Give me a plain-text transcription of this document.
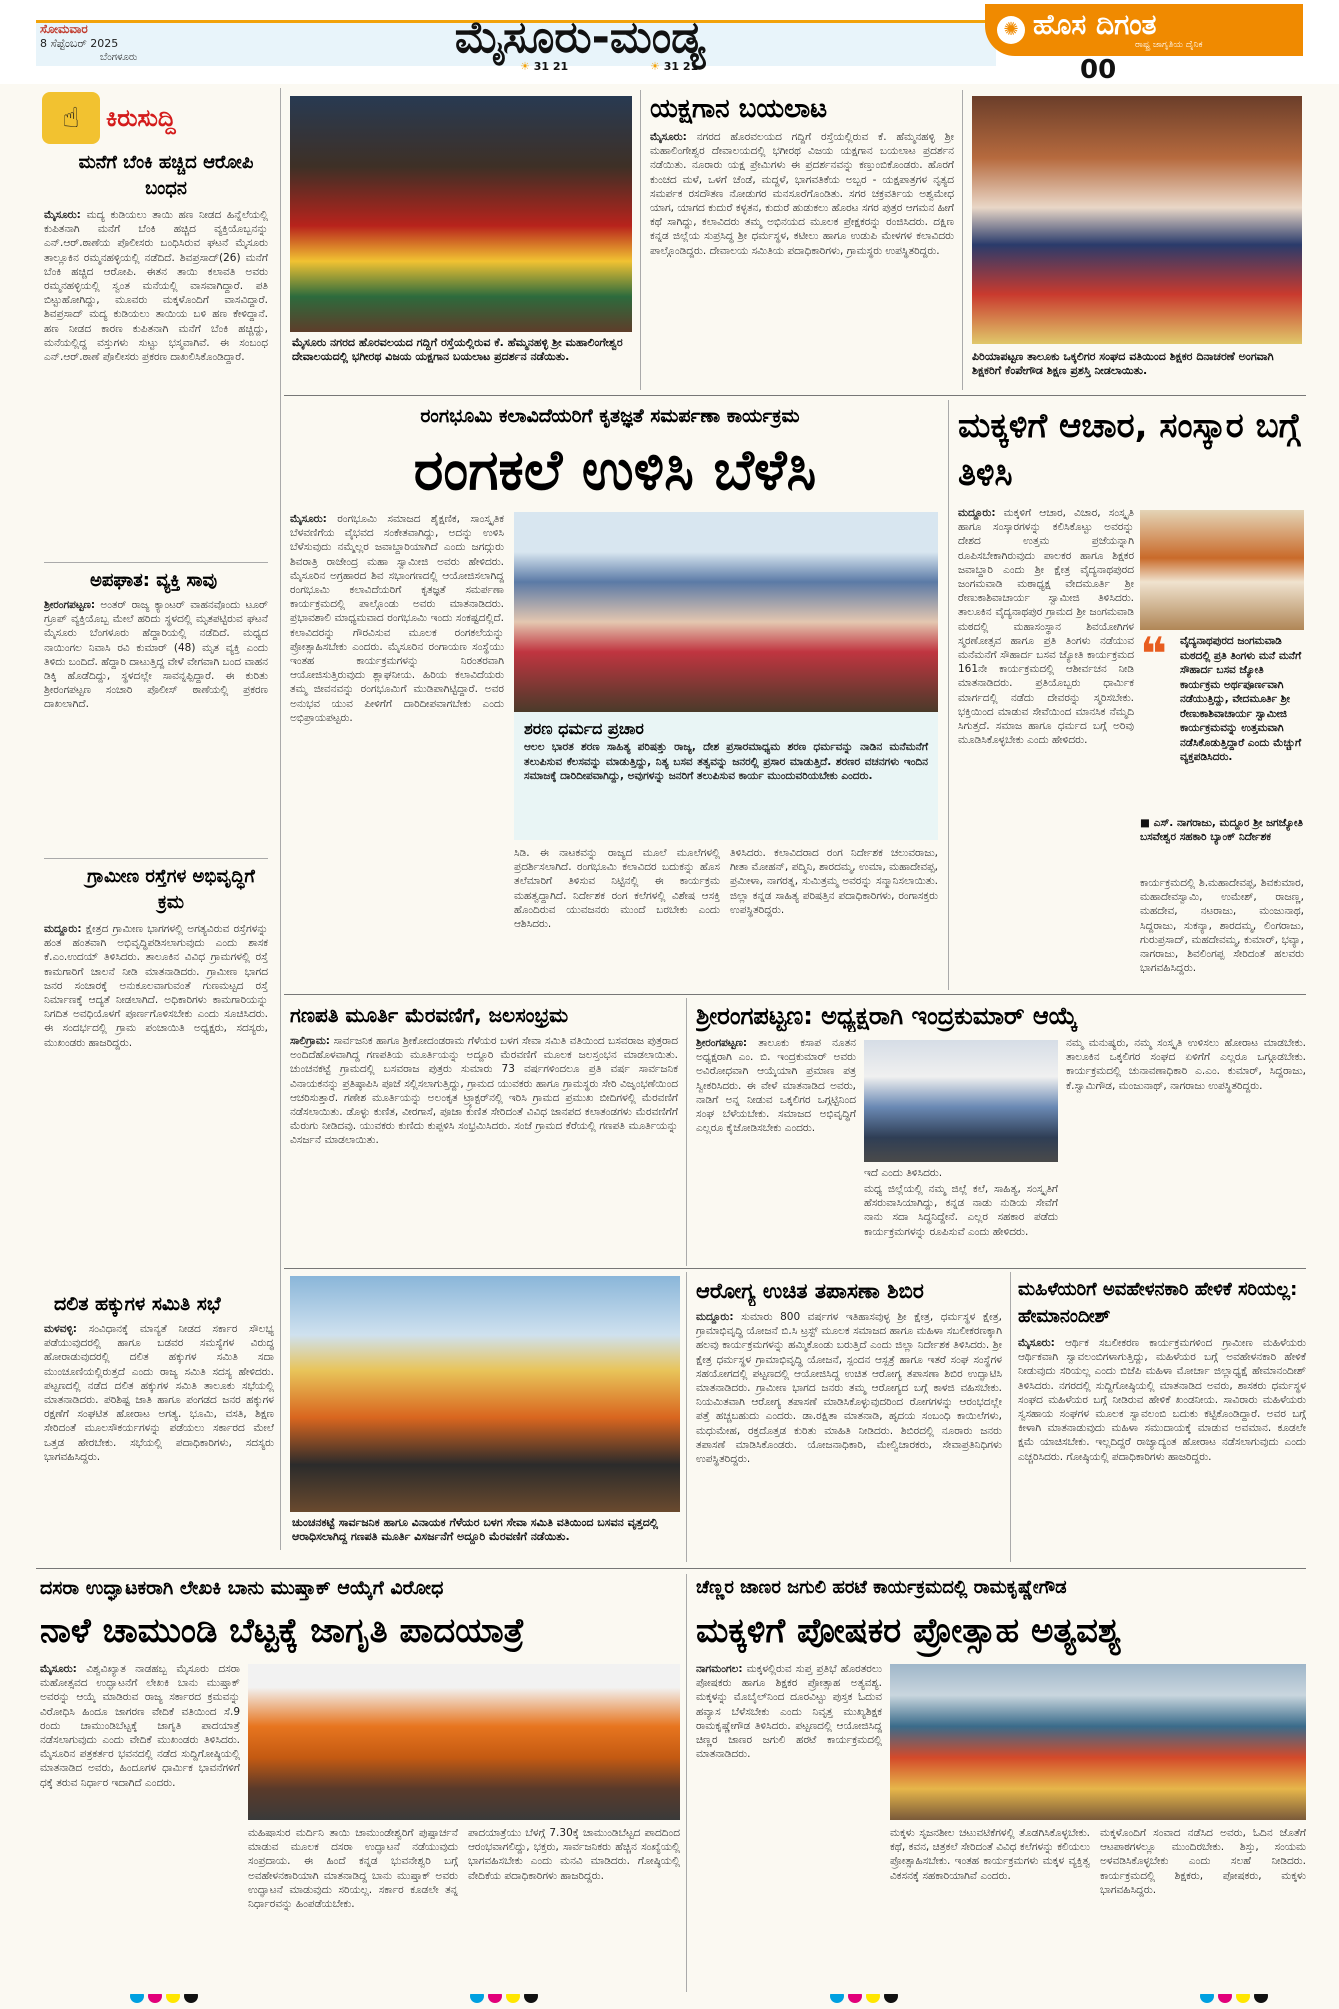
ಸೋಮವಾರ
8 ಸೆಪ್ಟೆಂಬರ್ 2025
ಬೆಂಗಳೂರು	ಮೈಸೂರು-ಮಂಡ್ಯ
☀ 31 21	☀ 31 21
✺ ಹೊಸ ದಿಗಂತ
ರಾಷ್ಟ್ರ ಜಾಗೃತಿಯ ದೈನಿಕ
00
☝	ಕಿರುಸುದ್ದಿ
ಮನೆಗೆ ಬೆಂಕಿ ಹಚ್ಚಿದ ಆರೋಪಿ ಬಂಧನ
ಮೈಸೂರು: ಮದ್ಯ ಕುಡಿಯಲು ತಾಯಿ ಹಣ ನೀಡದ ಹಿನ್ನೆಲೆಯಲ್ಲಿ ಕುಪಿತನಾಗಿ ಮನೆಗೆ ಬೆಂಕಿ ಹಚ್ಚಿದ ವ್ಯಕ್ತಿಯೊಬ್ಬನನ್ನು ಎನ್.ಆರ್.ಠಾಣೆಯ ಪೊಲೀಸರು ಬಂಧಿಸಿರುವ ಘಟನೆ ಮೈಸೂರು ತಾಲ್ಲೂಕಿನ ರಮ್ಮನಹಳ್ಳಿಯಲ್ಲಿ ನಡೆದಿದೆ. ಶಿವಪ್ರಸಾದ್(26) ಮನೆಗೆ ಬೆಂಕಿ ಹಚ್ಚಿದ ಆರೋಪಿ. ಈತನ ತಾಯಿ ಕಲಾವತಿ ಅವರು ರಮ್ಮನಹಳ್ಳಿಯಲ್ಲಿ ಸ್ವಂತ ಮನೆಯಲ್ಲಿ ವಾಸವಾಗಿದ್ದಾರೆ. ಪತಿ ಬಿಟ್ಟುಹೋಗಿದ್ದು, ಮೂವರು ಮಕ್ಕಳೊಂದಿಗೆ ವಾಸವಿದ್ದಾರೆ. ಶಿವಪ್ರಸಾದ್ ಮದ್ಯ ಕುಡಿಯಲು ತಾಯಿಯ ಬಳಿ ಹಣ ಕೇಳಿದ್ದಾನೆ. ಹಣ ನೀಡದ ಕಾರಣ ಕುಪಿತನಾಗಿ ಮನೆಗೆ ಬೆಂಕಿ ಹಚ್ಚಿದ್ದು, ಮನೆಯಲ್ಲಿದ್ದ ವಸ್ತುಗಳು ಸುಟ್ಟು ಭಸ್ಮವಾಗಿವೆ. ಈ ಸಂಬಂಧ ಎನ್.ಆರ್.ಠಾಣೆ ಪೊಲೀಸರು ಪ್ರಕರಣ ದಾಖಲಿಸಿಕೊಂಡಿದ್ದಾರೆ.
ಅಪಘಾತ: ವ್ಯಕ್ತಿ ಸಾವು
ಶ್ರೀರಂಗಪಟ್ಟಣ: ಅಂತರ್ ರಾಜ್ಯ ಕ್ಯಾಂಟರ್ ವಾಹನವೊಂದು ಟೂರ್ ಗ್ರೂಪ್ ವ್ಯಕ್ತಿಯೊಬ್ಬ ಮೇಲೆ ಹರಿದು ಸ್ಥಳದಲ್ಲಿ ಮೃತಪಟ್ಟಿರುವ ಘಟನೆ ಮೈಸೂರು ಬೆಂಗಳೂರು ಹೆದ್ದಾರಿಯಲ್ಲಿ ನಡೆದಿದೆ. ಮಧ್ಯದ ನಾಯಿಂಗಲ ನಿವಾಸಿ ರವಿ ಕುಮಾರ್ (48) ಮೃತ ವ್ಯಕ್ತಿ ಎಂದು ತಿಳಿದು ಬಂದಿದೆ. ಹೆದ್ದಾರಿ ದಾಟುತ್ತಿದ್ದ ವೇಳೆ ವೇಗವಾಗಿ ಬಂದ ವಾಹನ ಡಿಕ್ಕಿ ಹೊಡೆದಿದ್ದು, ಸ್ಥಳದಲ್ಲೇ ಸಾವನ್ನಪ್ಪಿದ್ದಾರೆ. ಈ ಕುರಿತು ಶ್ರೀರಂಗಪಟ್ಟಣ ಸಂಚಾರಿ ಪೊಲೀಸ್ ಠಾಣೆಯಲ್ಲಿ ಪ್ರಕರಣ ದಾಖಲಾಗಿದೆ.
ಗ್ರಾಮೀಣ ರಸ್ತೆಗಳ ಅಭಿವೃದ್ಧಿಗೆ ಕ್ರಮ
ಮದ್ದೂರು: ಕ್ಷೇತ್ರದ ಗ್ರಾಮೀಣ ಭಾಗಗಳಲ್ಲಿ ಅಗತ್ಯವಿರುವ ರಸ್ತೆಗಳನ್ನು ಹಂತ ಹಂತವಾಗಿ ಅಭಿವೃದ್ಧಿಪಡಿಸಲಾಗುವುದು ಎಂದು ಶಾಸಕ ಕೆ.ಎಂ.ಉದಯ್ ತಿಳಿಸಿದರು. ತಾಲೂಕಿನ ವಿವಿಧ ಗ್ರಾಮಗಳಲ್ಲಿ ರಸ್ತೆ ಕಾಮಗಾರಿಗೆ ಚಾಲನೆ ನೀಡಿ ಮಾತನಾಡಿದರು. ಗ್ರಾಮೀಣ ಭಾಗದ ಜನರ ಸಂಚಾರಕ್ಕೆ ಅನುಕೂಲವಾಗುವಂತೆ ಗುಣಮಟ್ಟದ ರಸ್ತೆ ನಿರ್ಮಾಣಕ್ಕೆ ಆದ್ಯತೆ ನೀಡಲಾಗಿದೆ. ಅಧಿಕಾರಿಗಳು ಕಾಮಗಾರಿಯನ್ನು ನಿಗದಿತ ಅವಧಿಯೊಳಗೆ ಪೂರ್ಣಗೊಳಿಸಬೇಕು ಎಂದು ಸೂಚಿಸಿದರು. ಈ ಸಂದರ್ಭದಲ್ಲಿ ಗ್ರಾಮ ಪಂಚಾಯಿತಿ ಅಧ್ಯಕ್ಷರು, ಸದಸ್ಯರು, ಮುಖಂಡರು ಹಾಜರಿದ್ದರು.
ಮೈಸೂರು ನಗರದ ಹೊರವಲಯದ ಗದ್ದಿಗೆ ರಸ್ತೆಯಲ್ಲಿರುವ ಕೆ. ಹೆಮ್ಮನಹಳ್ಳಿ ಶ್ರೀ ಮಹಾಲಿಂಗೇಶ್ವರ ದೇವಾಲಯದಲ್ಲಿ ಭಗೀರಥ ವಿಜಯ ಯಕ್ಷಗಾನ ಬಯಲಾಟ ಪ್ರದರ್ಶನ ನಡೆಯಿತು.
ಯಕ್ಷಗಾನ ಬಯಲಾಟ
ಮೈಸೂರು: ನಗರದ ಹೊರವಲಯದ ಗದ್ದಿಗೆ ರಸ್ತೆಯಲ್ಲಿರುವ ಕೆ. ಹೆಮ್ಮನಹಳ್ಳಿ ಶ್ರೀ ಮಹಾಲಿಂಗೇಶ್ವರ ದೇವಾಲಯದಲ್ಲಿ ಭಗೀರಥ ವಿಜಯ ಯಕ್ಷಗಾನ ಬಯಲಾಟ ಪ್ರದರ್ಶನ ನಡೆಯಿತು. ನೂರಾರು ಯಕ್ಷ ಪ್ರೇಮಿಗಳು ಈ ಪ್ರದರ್ಶನವನ್ನು ಕಣ್ತುಂಬಿಕೊಂಡರು. ಹೊರಗೆ ಕುಂಚದ ಮಳೆ, ಒಳಗೆ ಚೆಂಡೆ, ಮದ್ದಳೆ, ಭಾಗವತಿಕೆಯ ಅಬ್ಬರ - ಯಕ್ಷಪಾತ್ರಗಳ ನೃತ್ಯದ ಸಮರ್ಪಕ ರಸದೌತಣ ನೋಡುಗರ ಮನಸೂರೆಗೊಂಡಿತು. ಸಗರ ಚಕ್ರವರ್ತಿಯ ಅಶ್ವಮೇಧ ಯಾಗ, ಯಾಗದ ಕುದುರೆ ಕಳ್ಳತನ, ಕುದುರೆ ಹುಡುಕಲು ಹೊರಟ ಸಗರ ಪುತ್ರರ ಆಗಮನ ಹೀಗೆ ಕಥೆ ಸಾಗಿದ್ದು, ಕಲಾವಿದರು ತಮ್ಮ ಅಭಿನಯದ ಮೂಲಕ ಪ್ರೇಕ್ಷಕರನ್ನು ರಂಜಿಸಿದರು. ದಕ್ಷಿಣ ಕನ್ನಡ ಜಿಲ್ಲೆಯ ಸುಪ್ರಸಿದ್ಧ ಶ್ರೀ ಧರ್ಮಸ್ಥಳ, ಕಟೀಲು ಹಾಗೂ ಉಡುಪಿ ಮೇಳಗಳ ಕಲಾವಿದರು ಪಾಲ್ಗೊಂಡಿದ್ದರು. ದೇವಾಲಯ ಸಮಿತಿಯ ಪದಾಧಿಕಾರಿಗಳು, ಗ್ರಾಮಸ್ಥರು ಉಪಸ್ಥಿತರಿದ್ದರು.
ಪಿರಿಯಾಪಟ್ಟಣ ತಾಲೂಕು ಒಕ್ಕಲಿಗರ ಸಂಘದ ವತಿಯಿಂದ ಶಿಕ್ಷಕರ ದಿನಾಚರಣೆ ಅಂಗವಾಗಿ ಶಿಕ್ಷಕರಿಗೆ ಕೆಂಪೇಗೌಡ ಶಿಕ್ಷಣ ಪ್ರಶಸ್ತಿ ನೀಡಲಾಯಿತು.
ರಂಗಭೂಮಿ ಕಲಾವಿದೆಯರಿಗೆ ಕೃತಜ್ಞತೆ ಸಮರ್ಪಣಾ ಕಾರ್ಯಕ್ರಮ
ರಂಗಕಲೆ ಉಳಿಸಿ ಬೆಳೆಸಿ
ಮೈಸೂರು: ರಂಗಭೂಮಿ ಸಮಾಜದ ಶೈಕ್ಷಣಿಕ, ಸಾಂಸ್ಕೃತಿಕ ಬೆಳವಣಿಗೆಯ ವೈಭವದ ಸಂಕೇತವಾಗಿದ್ದು, ಅದನ್ನು ಉಳಿಸಿ ಬೆಳೆಸುವುದು ನಮ್ಮೆಲ್ಲರ ಜವಾಬ್ದಾರಿಯಾಗಿದೆ ಎಂದು ಜಗದ್ಗುರು ಶಿವರಾತ್ರಿ ರಾಜೇಂದ್ರ ಮಹಾ ಸ್ವಾಮೀಜಿ ಅವರು ಹೇಳಿದರು. ಮೈಸೂರಿನ ಅಗ್ರಹಾರದ ಶಿವ ಸಭಾಂಗಣದಲ್ಲಿ ಆಯೋಜಿಸಲಾಗಿದ್ದ ರಂಗಭೂಮಿ ಕಲಾವಿದೆಯರಿಗೆ ಕೃತಜ್ಞತೆ ಸಮರ್ಪಣಾ ಕಾರ್ಯಕ್ರಮದಲ್ಲಿ ಪಾಲ್ಗೊಂಡು ಅವರು ಮಾತನಾಡಿದರು. ಪ್ರಭಾವಶಾಲಿ ಮಾಧ್ಯಮವಾದ ರಂಗಭೂಮಿ ಇಂದು ಸಂಕಷ್ಟದಲ್ಲಿದೆ. ಕಲಾವಿದರನ್ನು ಗೌರವಿಸುವ ಮೂಲಕ ರಂಗಕಲೆಯನ್ನು ಪ್ರೋತ್ಸಾಹಿಸಬೇಕು ಎಂದರು. ಮೈಸೂರಿನ ರಂಗಾಯಣ ಸಂಸ್ಥೆಯು ಇಂತಹ ಕಾರ್ಯಕ್ರಮಗಳನ್ನು ನಿರಂತರವಾಗಿ ಆಯೋಜಿಸುತ್ತಿರುವುದು ಶ್ಲಾಘನೀಯ. ಹಿರಿಯ ಕಲಾವಿದೆಯರು ತಮ್ಮ ಜೀವನವನ್ನು ರಂಗಭೂಮಿಗೆ ಮುಡಿಪಾಗಿಟ್ಟಿದ್ದಾರೆ. ಅವರ ಅನುಭವ ಯುವ ಪೀಳಿಗೆಗೆ ದಾರಿದೀಪವಾಗಬೇಕು ಎಂದು ಅಭಿಪ್ರಾಯಪಟ್ಟರು.
ಶರಣ ಧರ್ಮದ ಪ್ರಚಾರ
ಆಲಲ ಭಾರತ ಶರಣ ಸಾಹಿತ್ಯ ಪರಿಷತ್ತು ರಾಜ್ಯ, ದೇಶ ಪ್ರಸಾರಮಾಧ್ಯಮ ಶರಣ ಧರ್ಮವನ್ನು ನಾಡಿನ ಮನೆಮನೆಗೆ ತಲುಪಿಸುವ ಕೆಲಸವನ್ನು ಮಾಡುತ್ತಿದ್ದು, ನಿತ್ಯ ಬಸವ ತತ್ವವನ್ನು ಜನರಲ್ಲಿ ಪ್ರಸಾರ ಮಾಡುತ್ತಿದೆ. ಶರಣರ ವಚನಗಳು ಇಂದಿನ ಸಮಾಜಕ್ಕೆ ದಾರಿದೀಪವಾಗಿದ್ದು, ಅವುಗಳನ್ನು ಜನರಿಗೆ ತಲುಪಿಸುವ ಕಾರ್ಯ ಮುಂದುವರಿಯಬೇಕು ಎಂದರು.
ಸಿಡಿ. ಈ ನಾಟಕವನ್ನು ರಾಜ್ಯದ ಮೂಲೆ ಮೂಲೆಗಳಲ್ಲಿ ಪ್ರದರ್ಶಿಸಲಾಗಿದೆ. ರಂಗಭೂಮಿ ಕಲಾವಿದರ ಬದುಕನ್ನು ಹೊಸ ತಲೆಮಾರಿಗೆ ತಿಳಿಸುವ ನಿಟ್ಟಿನಲ್ಲಿ ಈ ಕಾರ್ಯಕ್ರಮ ಮಹತ್ವದ್ದಾಗಿದೆ. ನಿರ್ದೇಶಕ ರಂಗ ಕಲೆಗಳಲ್ಲಿ ವಿಶೇಷ ಆಸಕ್ತಿ ಹೊಂದಿರುವ ಯುವಜನರು ಮುಂದೆ ಬರಬೇಕು ಎಂದು ಆಶಿಸಿದರು.
ತಿಳಿಸಿದರು. ಕಲಾವಿದರಾದ ರಂಗ ನಿರ್ದೇಶಕ ಚಲುವರಾಜು, ಗೀತಾ ಮೋಹನ್, ಪದ್ಮಿನಿ, ಶಾರದಮ್ಮ, ಉಮಾ, ಮಹಾದೇವಪ್ಪ, ಪ್ರಮೀಳಾ, ನಾಗರತ್ನ, ಸುಮಿತ್ರಮ್ಮ ಅವರನ್ನು ಸನ್ಮಾನಿಸಲಾಯಿತು. ಜಿಲ್ಲಾ ಕನ್ನಡ ಸಾಹಿತ್ಯ ಪರಿಷತ್ತಿನ ಪದಾಧಿಕಾರಿಗಳು, ರಂಗಾಸಕ್ತರು ಉಪಸ್ಥಿತರಿದ್ದರು.
ಮಕ್ಕಳಿಗೆ ಆಚಾರ, ಸಂಸ್ಕಾರ ಬಗ್ಗೆ ತಿಳಿಸಿ
ಮದ್ದೂರು: ಮಕ್ಕಳಿಗೆ ಆಚಾರ, ವಿಚಾರ, ಸಂಸ್ಕೃತಿ ಹಾಗೂ ಸಂಸ್ಕಾರಗಳನ್ನು ಕಲಿಸಿಕೊಟ್ಟು ಅವರನ್ನು ದೇಶದ ಉತ್ತಮ ಪ್ರಜೆಯನ್ನಾಗಿ ರೂಪಿಸಬೇಕಾಗಿರುವುದು ಪಾಲಕರ ಹಾಗೂ ಶಿಕ್ಷಕರ ಜವಾಬ್ದಾರಿ ಎಂದು ಶ್ರೀ ಕ್ಷೇತ್ರ ವೈದ್ಯನಾಥಪುರದ ಜಂಗಮವಾಡಿ ಮಠಾಧ್ಯಕ್ಷ ವೇದಮೂರ್ತಿ ಶ್ರೀ ರೇಣುಕಾಶಿವಾಚಾರ್ಯ ಸ್ವಾಮೀಜಿ ತಿಳಿಸಿದರು. ತಾಲೂಕಿನ ವೈದ್ಯನಾಥಪುರ ಗ್ರಾಮದ ಶ್ರೀ ಜಂಗಮವಾಡಿ ಮಠದಲ್ಲಿ ಮಹಾಸಂಸ್ಥಾನ ಶಿವಯೋಗಿಗಳ ಸ್ಮರಣೋತ್ಸವ ಹಾಗೂ ಪ್ರತಿ ತಿಂಗಳು ನಡೆಯುವ ಮನೆಮನೆಗೆ ಸೌಹಾರ್ದ ಬಸವ ಜ್ಯೋತಿ ಕಾರ್ಯಕ್ರಮದ 161ನೇ ಕಾರ್ಯಕ್ರಮದಲ್ಲಿ ಆಶೀರ್ವಚನ ನೀಡಿ ಮಾತನಾಡಿದರು. ಪ್ರತಿಯೊಬ್ಬರು ಧಾರ್ಮಿಕ ಮಾರ್ಗದಲ್ಲಿ ನಡೆದು ದೇವರನ್ನು ಸ್ಮರಿಸಬೇಕು. ಭಕ್ತಿಯಿಂದ ಮಾಡುವ ಸೇವೆಯಿಂದ ಮಾನಸಿಕ ನೆಮ್ಮದಿ ಸಿಗುತ್ತದೆ. ಸಮಾಜ ಹಾಗೂ ಧರ್ಮದ ಬಗ್ಗೆ ಅರಿವು ಮೂಡಿಸಿಕೊಳ್ಳಬೇಕು ಎಂದು ಹೇಳಿದರು.
❝	ವೈದ್ಯನಾಥಪುರದ ಜಂಗಮವಾಡಿ ಮಠದಲ್ಲಿ ಪ್ರತಿ ತಿಂಗಳು ಮನೆ ಮನೆಗೆ ಸೌಹಾರ್ದ ಬಸವ ಜ್ಯೋತಿ ಕಾರ್ಯಕ್ರಮ ಅರ್ಥಪೂರ್ಣವಾಗಿ ನಡೆಯುತ್ತಿದ್ದು, ವೇದಮೂರ್ತಿ ಶ್ರೀ ರೇಣುಕಾಶಿವಾಚಾರ್ಯ ಸ್ವಾಮೀಜಿ ಕಾರ್ಯಕ್ರಮವನ್ನು ಉತ್ತಮವಾಗಿ ನಡೆಸಿಕೊಡುತ್ತಿದ್ದಾರೆ ಎಂದು ಮೆಚ್ಚುಗೆ ವ್ಯಕ್ತಪಡಿಸಿದರು.
■ ಎಸ್. ನಾಗರಾಜು, ಮದ್ದೂರ ಶ್ರೀ ಜಗಜ್ಯೋತಿ ಬಸವೇಶ್ವರ ಸಹಕಾರಿ ಬ್ಯಾಂಕ್ ನಿರ್ದೇಶಕ
ಕಾರ್ಯಕ್ರಮದಲ್ಲಿ ಶಿ.ಮಹಾದೇವಪ್ಪ, ಶಿವಕುಮಾರ, ಮಹಾದೇವಸ್ವಾಮಿ, ಉಮೇಶ್, ರಾಜಣ್ಣ, ಮಹದೇವ, ನಟರಾಜು, ಮಂಜುನಾಥ, ಸಿದ್ದರಾಜು, ಸುಕನ್ಯಾ, ಶಾರದಮ್ಮ, ಲಿಂಗರಾಜು, ಗುರುಪ್ರಸಾದ್, ಮಹದೇವಮ್ಮ, ಕುಮಾರ್, ಭವ್ಯಾ, ನಾಗರಾಜು, ಶಿವಲಿಂಗಪ್ಪ ಸೇರಿದಂತೆ ಹಲವರು ಭಾಗವಹಿಸಿದ್ದರು.
ಗಣಪತಿ ಮೂರ್ತಿ ಮೆರವಣಿಗೆ, ಜಲಸಂಭ್ರಮ
ಸಾಲಿಗ್ರಾಮ: ಸಾರ್ವಜನಿಕ ಹಾಗೂ ಶ್ರೀಕೋದಂಡರಾಮ ಗೆಳೆಯರ ಬಳಗ ಸೇವಾ ಸಮಿತಿ ವತಿಯಿಂದ ಬಸವರಾಜ ಪುತ್ರರಾದ ಅಂದಿದೆಹೊಳವಾಗಿದ್ದ ಗಣಪತಿಯ ಮೂರ್ತಿಯನ್ನು ಅದ್ದೂರಿ ಮೆರವಣಿಗೆ ಮೂಲಕ ಜಲಸ್ತಂಭನ ಮಾಡಲಾಯಿತು. ಚುಂಚನಕಟ್ಟೆ ಗ್ರಾಮದಲ್ಲಿ ಬಸವರಾಜ ಪುತ್ರರು ಸುಮಾರು 73 ವರ್ಷಗಳಿಂದಲೂ ಪ್ರತಿ ವರ್ಷ ಸಾರ್ವಜನಿಕ ವಿನಾಯಕನನ್ನು ಪ್ರತಿಷ್ಠಾಪಿಸಿ ಪೂಜೆ ಸಲ್ಲಿಸಲಾಗುತ್ತಿದ್ದು, ಗ್ರಾಮದ ಯುವಕರು ಹಾಗೂ ಗ್ರಾಮಸ್ಥರು ಸೇರಿ ವಿಜೃಂಭಣೆಯಿಂದ ಆಚರಿಸುತ್ತಾರೆ. ಗಣೇಶ ಮೂರ್ತಿಯನ್ನು ಅಲಂಕೃತ ಟ್ರ್ಯಾಕ್ಟರ್‌ನಲ್ಲಿ ಇರಿಸಿ ಗ್ರಾಮದ ಪ್ರಮುಖ ಬೀದಿಗಳಲ್ಲಿ ಮೆರವಣಿಗೆ ನಡೆಸಲಾಯಿತು. ಡೊಳ್ಳು ಕುಣಿತ, ವೀರಗಾಸೆ, ಪೂಜಾ ಕುಣಿತ ಸೇರಿದಂತೆ ವಿವಿಧ ಜಾನಪದ ಕಲಾತಂಡಗಳು ಮೆರವಣಿಗೆಗೆ ಮೆರುಗು ನೀಡಿದವು. ಯುವಕರು ಕುಣಿದು ಕುಪ್ಪಳಿಸಿ ಸಂಭ್ರಮಿಸಿದರು. ಸಂಜೆ ಗ್ರಾಮದ ಕೆರೆಯಲ್ಲಿ ಗಣಪತಿ ಮೂರ್ತಿಯನ್ನು ವಿಸರ್ಜನೆ ಮಾಡಲಾಯಿತು.
ಶ್ರೀರಂಗಪಟ್ಟಣ: ಅಧ್ಯಕ್ಷರಾಗಿ ಇಂದ್ರಕುಮಾರ್ ಆಯ್ಕೆ
ಶ್ರೀರಂಗಪಟ್ಟಣ: ತಾಲೂಕು ಕಸಾಪ ನೂತನ ಅಧ್ಯಕ್ಷರಾಗಿ ಎಂ. ಬಿ. ಇಂದ್ರಕುಮಾರ್ ಅವರು ಅವಿರೋಧವಾಗಿ ಆಯ್ಕೆಯಾಗಿ ಪ್ರಮಾಣ ಪತ್ರ ಸ್ವೀಕರಿಸಿದರು. ಈ ವೇಳೆ ಮಾತನಾಡಿದ ಅವರು, ನಾಡಿಗೆ ಅನ್ನ ನೀಡುವ ಒಕ್ಕಲಿಗರ ಒಗ್ಗಟ್ಟಿನಿಂದ ಸಂಘ ಬೆಳೆಯಬೇಕು. ಸಮಾಜದ ಅಭಿವೃದ್ಧಿಗೆ ಎಲ್ಲರೂ ಕೈಜೋಡಿಸಬೇಕು ಎಂದರು.
ಇದೆ ಎಂದು ತಿಳಿಸಿದರು.
ಮಧ್ಯ ಜಿಲ್ಲೆಯಲ್ಲಿ ನಮ್ಮ ಜಿಲ್ಲೆ ಕಲೆ, ಸಾಹಿತ್ಯ, ಸಂಸ್ಕೃತಿಗೆ ಹೆಸರುವಾಸಿಯಾಗಿದ್ದು, ಕನ್ನಡ ನಾಡು ನುಡಿಯ ಸೇವೆಗೆ ನಾನು ಸದಾ ಸಿದ್ಧನಿದ್ದೇನೆ. ಎಲ್ಲರ ಸಹಕಾರ ಪಡೆದು ಕಾರ್ಯಕ್ರಮಗಳನ್ನು ರೂಪಿಸುವೆ ಎಂದು ಹೇಳಿದರು.
ನಮ್ಮ ಮನುಷ್ಯರು, ನಮ್ಮ ಸಂಸ್ಕೃತಿ ಉಳಿಸಲು ಹೋರಾಟ ಮಾಡಬೇಕು. ತಾಲೂಕಿನ ಒಕ್ಕಲಿಗರ ಸಂಘದ ಏಳಿಗೆಗೆ ಎಲ್ಲರೂ ಒಗ್ಗೂಡಬೇಕು. ಕಾರ್ಯಕ್ರಮದಲ್ಲಿ ಚುನಾವಣಾಧಿಕಾರಿ ಎ.ಎಂ. ಕುಮಾರ್, ಸಿದ್ದರಾಜು, ಕೆ.ಸ್ವಾಮಿಗೌಡ, ಮಂಜುನಾಥ್, ನಾಗರಾಜು ಉಪಸ್ಥಿತರಿದ್ದರು.
ದಲಿತ ಹಕ್ಕುಗಳ ಸಮಿತಿ ಸಭೆ
ಮಳವಳ್ಳಿ: ಸಂವಿಧಾನಕ್ಕೆ ಮಾನ್ಯತೆ ನೀಡದ ಸರ್ಕಾರ ಸೌಲಭ್ಯ ಪಡೆಯುವುದರಲ್ಲಿ ಹಾಗೂ ಬಡವರ ಸಮಸ್ಯೆಗಳ ವಿರುದ್ಧ ಹೋರಾಡುವುದರಲ್ಲಿ ದಲಿತ ಹಕ್ಕುಗಳ ಸಮಿತಿ ಸದಾ ಮುಂಚೂಣಿಯಲ್ಲಿರುತ್ತದೆ ಎಂದು ರಾಜ್ಯ ಸಮಿತಿ ಸದಸ್ಯ ಹೇಳಿದರು. ಪಟ್ಟಣದಲ್ಲಿ ನಡೆದ ದಲಿತ ಹಕ್ಕುಗಳ ಸಮಿತಿ ತಾಲೂಕು ಸಭೆಯಲ್ಲಿ ಮಾತನಾಡಿದರು. ಪರಿಶಿಷ್ಟ ಜಾತಿ ಹಾಗೂ ಪಂಗಡದ ಜನರ ಹಕ್ಕುಗಳ ರಕ್ಷಣೆಗೆ ಸಂಘಟಿತ ಹೋರಾಟ ಅಗತ್ಯ. ಭೂಮಿ, ವಸತಿ, ಶಿಕ್ಷಣ ಸೇರಿದಂತೆ ಮೂಲಸೌಕರ್ಯಗಳನ್ನು ಪಡೆಯಲು ಸರ್ಕಾರದ ಮೇಲೆ ಒತ್ತಡ ಹೇರಬೇಕು. ಸಭೆಯಲ್ಲಿ ಪದಾಧಿಕಾರಿಗಳು, ಸದಸ್ಯರು ಭಾಗವಹಿಸಿದ್ದರು.
ಚುಂಚನಕಟ್ಟೆ ಸಾರ್ವಜನಿಕ ಹಾಗೂ ವಿನಾಯಕ ಗೆಳೆಯರ ಬಳಗ ಸೇವಾ ಸಮಿತಿ ವತಿಯಿಂದ ಬಸವನ ವೃತ್ತದಲ್ಲಿ ಆರಾಧಿಸಲಾಗಿದ್ದ ಗಣಪತಿ ಮೂರ್ತಿ ವಿಸರ್ಜನೆಗೆ ಅದ್ದೂರಿ ಮೆರವಣಿಗೆ ನಡೆಯಿತು.
ಆರೋಗ್ಯ ಉಚಿತ ತಪಾಸಣಾ ಶಿಬಿರ
ಮದ್ದೂರು: ಸುಮಾರು 800 ವರ್ಷಗಳ ಇತಿಹಾಸವುಳ್ಳ ಶ್ರೀ ಕ್ಷೇತ್ರ, ಧರ್ಮಸ್ಥಳ ಕ್ಷೇತ್ರ, ಗ್ರಾಮಾಭಿವೃದ್ಧಿ ಯೋಜನೆ ಬಿ.ಸಿ ಟ್ರಸ್ಟ್ ಮೂಲಕ ಸಮಾಜದ ಹಾಗೂ ಮಹಿಳಾ ಸಬಲೀಕರಣಕ್ಕಾಗಿ ಹಲವು ಕಾರ್ಯಕ್ರಮಗಳನ್ನು ಹಮ್ಮಿಕೊಂಡು ಬರುತ್ತಿದೆ ಎಂದು ಜಿಲ್ಲಾ ನಿರ್ದೇಶಕ ತಿಳಿಸಿದರು. ಶ್ರೀ ಕ್ಷೇತ್ರ ಧರ್ಮಸ್ಥಳ ಗ್ರಾಮಾಭಿವೃದ್ಧಿ ಯೋಜನೆ, ಸ್ಪಂದನ ಆಸ್ಪತ್ರೆ ಹಾಗೂ ಇತರೆ ಸಂಘ ಸಂಸ್ಥೆಗಳ ಸಹಯೋಗದಲ್ಲಿ ಪಟ್ಟಣದಲ್ಲಿ ಆಯೋಜಿಸಿದ್ದ ಉಚಿತ ಆರೋಗ್ಯ ತಪಾಸಣಾ ಶಿಬಿರ ಉದ್ಘಾಟಿಸಿ ಮಾತನಾಡಿದರು. ಗ್ರಾಮೀಣ ಭಾಗದ ಜನರು ತಮ್ಮ ಆರೋಗ್ಯದ ಬಗ್ಗೆ ಕಾಳಜಿ ವಹಿಸಬೇಕು. ನಿಯಮಿತವಾಗಿ ಆರೋಗ್ಯ ತಪಾಸಣೆ ಮಾಡಿಸಿಕೊಳ್ಳುವುದರಿಂದ ರೋಗಗಳನ್ನು ಆರಂಭದಲ್ಲೇ ಪತ್ತೆ ಹಚ್ಚಬಹುದು ಎಂದರು. ಡಾ.ರಕ್ಷಿತಾ ಮಾತನಾಡಿ, ಹೃದಯ ಸಂಬಂಧಿ ಕಾಯಿಲೆಗಳು, ಮಧುಮೇಹ, ರಕ್ತದೊತ್ತಡ ಕುರಿತು ಮಾಹಿತಿ ನೀಡಿದರು. ಶಿಬಿರದಲ್ಲಿ ನೂರಾರು ಜನರು ತಪಾಸಣೆ ಮಾಡಿಸಿಕೊಂಡರು. ಯೋಜನಾಧಿಕಾರಿ, ಮೇಲ್ವಿಚಾರಕರು, ಸೇವಾಪ್ರತಿನಿಧಿಗಳು ಉಪಸ್ಥಿತರಿದ್ದರು.
ಮಹಿಳೆಯರಿಗೆ ಅವಹೇಳನಕಾರಿ ಹೇಳಿಕೆ ಸರಿಯಲ್ಲ: ಹೇಮಾನಂದೀಶ್
ಮೈಸೂರು: ಆರ್ಥಿಕ ಸಬಲೀಕರಣ ಕಾರ್ಯಕ್ರಮಗಳಿಂದ ಗ್ರಾಮೀಣ ಮಹಿಳೆಯರು ಆರ್ಥಿಕವಾಗಿ ಸ್ವಾವಲಂಬಿಗಳಾಗುತ್ತಿದ್ದು, ಮಹಿಳೆಯರ ಬಗ್ಗೆ ಅವಹೇಳನಕಾರಿ ಹೇಳಿಕೆ ನೀಡುವುದು ಸರಿಯಲ್ಲ ಎಂದು ಬಿಜೆಪಿ ಮಹಿಳಾ ಮೋರ್ಚಾ ಜಿಲ್ಲಾಧ್ಯಕ್ಷೆ ಹೇಮಾನಂದೀಶ್ ತಿಳಿಸಿದರು. ನಗರದಲ್ಲಿ ಸುದ್ದಿಗೋಷ್ಠಿಯಲ್ಲಿ ಮಾತನಾಡಿದ ಅವರು, ಶಾಸಕರು ಧರ್ಮಸ್ಥಳ ಸಂಘದ ಮಹಿಳೆಯರ ಬಗ್ಗೆ ನೀಡಿರುವ ಹೇಳಿಕೆ ಖಂಡನೀಯ. ಸಾವಿರಾರು ಮಹಿಳೆಯರು ಸ್ವಸಹಾಯ ಸಂಘಗಳ ಮೂಲಕ ಸ್ವಾವಲಂಬಿ ಬದುಕು ಕಟ್ಟಿಕೊಂಡಿದ್ದಾರೆ. ಅವರ ಬಗ್ಗೆ ಕೀಳಾಗಿ ಮಾತನಾಡುವುದು ಮಹಿಳಾ ಸಮುದಾಯಕ್ಕೆ ಮಾಡುವ ಅವಮಾನ. ಕೂಡಲೇ ಕ್ಷಮೆ ಯಾಚಿಸಬೇಕು. ಇಲ್ಲದಿದ್ದರೆ ರಾಜ್ಯಾದ್ಯಂತ ಹೋರಾಟ ನಡೆಸಲಾಗುವುದು ಎಂದು ಎಚ್ಚರಿಸಿದರು. ಗೋಷ್ಠಿಯಲ್ಲಿ ಪದಾಧಿಕಾರಿಗಳು ಹಾಜರಿದ್ದರು.
ದಸರಾ ಉದ್ಘಾಟಕರಾಗಿ ಲೇಖಕಿ ಬಾನು ಮುಷ್ತಾಕ್ ಆಯ್ಕೆಗೆ ವಿರೋಧ
ನಾಳೆ ಚಾಮುಂಡಿ ಬೆಟ್ಟಕ್ಕೆ ಜಾಗೃತಿ ಪಾದಯಾತ್ರೆ
ಮೈಸೂರು: ವಿಶ್ವವಿಖ್ಯಾತ ನಾಡಹಬ್ಬ ಮೈಸೂರು ದಸರಾ ಮಹೋತ್ಸವದ ಉದ್ಘಾಟನೆಗೆ ಲೇಖಕಿ ಬಾನು ಮುಷ್ತಾಕ್ ಅವರನ್ನು ಆಯ್ಕೆ ಮಾಡಿರುವ ರಾಜ್ಯ ಸರ್ಕಾರದ ಕ್ರಮವನ್ನು ವಿರೋಧಿಸಿ ಹಿಂದೂ ಜಾಗರಣ ವೇದಿಕೆ ವತಿಯಿಂದ ಸೆ.9 ರಂದು ಚಾಮುಂಡಿಬೆಟ್ಟಕ್ಕೆ ಜಾಗೃತಿ ಪಾದಯಾತ್ರೆ ನಡೆಸಲಾಗುವುದು ಎಂದು ವೇದಿಕೆ ಮುಖಂಡರು ತಿಳಿಸಿದರು. ಮೈಸೂರಿನ ಪತ್ರಕರ್ತರ ಭವನದಲ್ಲಿ ನಡೆದ ಸುದ್ದಿಗೋಷ್ಠಿಯಲ್ಲಿ ಮಾತನಾಡಿದ ಅವರು, ಹಿಂದೂಗಳ ಧಾರ್ಮಿಕ ಭಾವನೆಗಳಿಗೆ ಧಕ್ಕೆ ತರುವ ನಿರ್ಧಾರ ಇದಾಗಿದೆ ಎಂದರು.
ಮಹಿಷಾಸುರ ಮರ್ದಿನಿ ತಾಯಿ ಚಾಮುಂಡೇಶ್ವರಿಗೆ ಪುಷ್ಪಾರ್ಚನೆ ಮಾಡುವ ಮೂಲಕ ದಸರಾ ಉದ್ಘಾಟನೆ ನಡೆಯುವುದು ಸಂಪ್ರದಾಯ. ಈ ಹಿಂದೆ ಕನ್ನಡ ಭುವನೇಶ್ವರಿ ಬಗ್ಗೆ ಅವಹೇಳನಕಾರಿಯಾಗಿ ಮಾತನಾಡಿದ್ದ ಬಾನು ಮುಷ್ತಾಕ್ ಅವರು ಉದ್ಘಾಟನೆ ಮಾಡುವುದು ಸರಿಯಲ್ಲ. ಸರ್ಕಾರ ಕೂಡಲೇ ತನ್ನ ನಿರ್ಧಾರವನ್ನು ಹಿಂಪಡೆಯಬೇಕು.
ಪಾದಯಾತ್ರೆಯು ಬೆಳಗ್ಗೆ 7.30ಕ್ಕೆ ಚಾಮುಂಡಿಬೆಟ್ಟದ ಪಾದದಿಂದ ಆರಂಭವಾಗಲಿದ್ದು, ಭಕ್ತರು, ಸಾರ್ವಜನಿಕರು ಹೆಚ್ಚಿನ ಸಂಖ್ಯೆಯಲ್ಲಿ ಭಾಗವಹಿಸಬೇಕು ಎಂದು ಮನವಿ ಮಾಡಿದರು. ಗೋಷ್ಠಿಯಲ್ಲಿ ವೇದಿಕೆಯ ಪದಾಧಿಕಾರಿಗಳು ಹಾಜರಿದ್ದರು.
ಚೆಣ್ಣರ ಜಾಣರ ಜಗುಲಿ ಹರಟೆ ಕಾರ್ಯಕ್ರಮದಲ್ಲಿ ರಾಮಕೃಷ್ಣೇಗೌಡ
ಮಕ್ಕಳಿಗೆ ಪೋಷಕರ ಪ್ರೋತ್ಸಾಹ ಅತ್ಯವಶ್ಯ
ನಾಗಮಂಗಲ: ಮಕ್ಕಳಲ್ಲಿರುವ ಸುಪ್ತ ಪ್ರತಿಭೆ ಹೊರತರಲು ಪೋಷಕರು ಹಾಗೂ ಶಿಕ್ಷಕರ ಪ್ರೋತ್ಸಾಹ ಅತ್ಯವಶ್ಯ. ಮಕ್ಕಳನ್ನು ಮೊಬೈಲ್‌ನಿಂದ ದೂರವಿಟ್ಟು ಪುಸ್ತಕ ಓದುವ ಹವ್ಯಾಸ ಬೆಳೆಸಬೇಕು ಎಂದು ನಿವೃತ್ತ ಮುಖ್ಯಶಿಕ್ಷಕ ರಾಮಕೃಷ್ಣೇಗೌಡ ತಿಳಿಸಿದರು. ಪಟ್ಟಣದಲ್ಲಿ ಆಯೋಜಿಸಿದ್ದ ಚಿಣ್ಣರ ಜಾಣರ ಜಗುಲಿ ಹರಟೆ ಕಾರ್ಯಕ್ರಮದಲ್ಲಿ ಮಾತನಾಡಿದರು.
ಮಕ್ಕಳು ಸೃಜನಶೀಲ ಚಟುವಟಿಕೆಗಳಲ್ಲಿ ತೊಡಗಿಸಿಕೊಳ್ಳಬೇಕು. ಕಥೆ, ಕವನ, ಚಿತ್ರಕಲೆ ಸೇರಿದಂತೆ ವಿವಿಧ ಕಲೆಗಳನ್ನು ಕಲಿಯಲು ಪ್ರೋತ್ಸಾಹಿಸಬೇಕು. ಇಂತಹ ಕಾರ್ಯಕ್ರಮಗಳು ಮಕ್ಕಳ ವ್ಯಕ್ತಿತ್ವ ವಿಕಸನಕ್ಕೆ ಸಹಕಾರಿಯಾಗಿವೆ ಎಂದರು.
ಮಕ್ಕಳೊಂದಿಗೆ ಸಂವಾದ ನಡೆಸಿದ ಅವರು, ಓದಿನ ಜೊತೆಗೆ ಆಟಪಾಠಗಳಲ್ಲೂ ಮುಂದಿರಬೇಕು. ಶಿಸ್ತು, ಸಂಯಮ ಅಳವಡಿಸಿಕೊಳ್ಳಬೇಕು ಎಂದು ಸಲಹೆ ನೀಡಿದರು. ಕಾರ್ಯಕ್ರಮದಲ್ಲಿ ಶಿಕ್ಷಕರು, ಪೋಷಕರು, ಮಕ್ಕಳು ಭಾಗವಹಿಸಿದ್ದರು.
